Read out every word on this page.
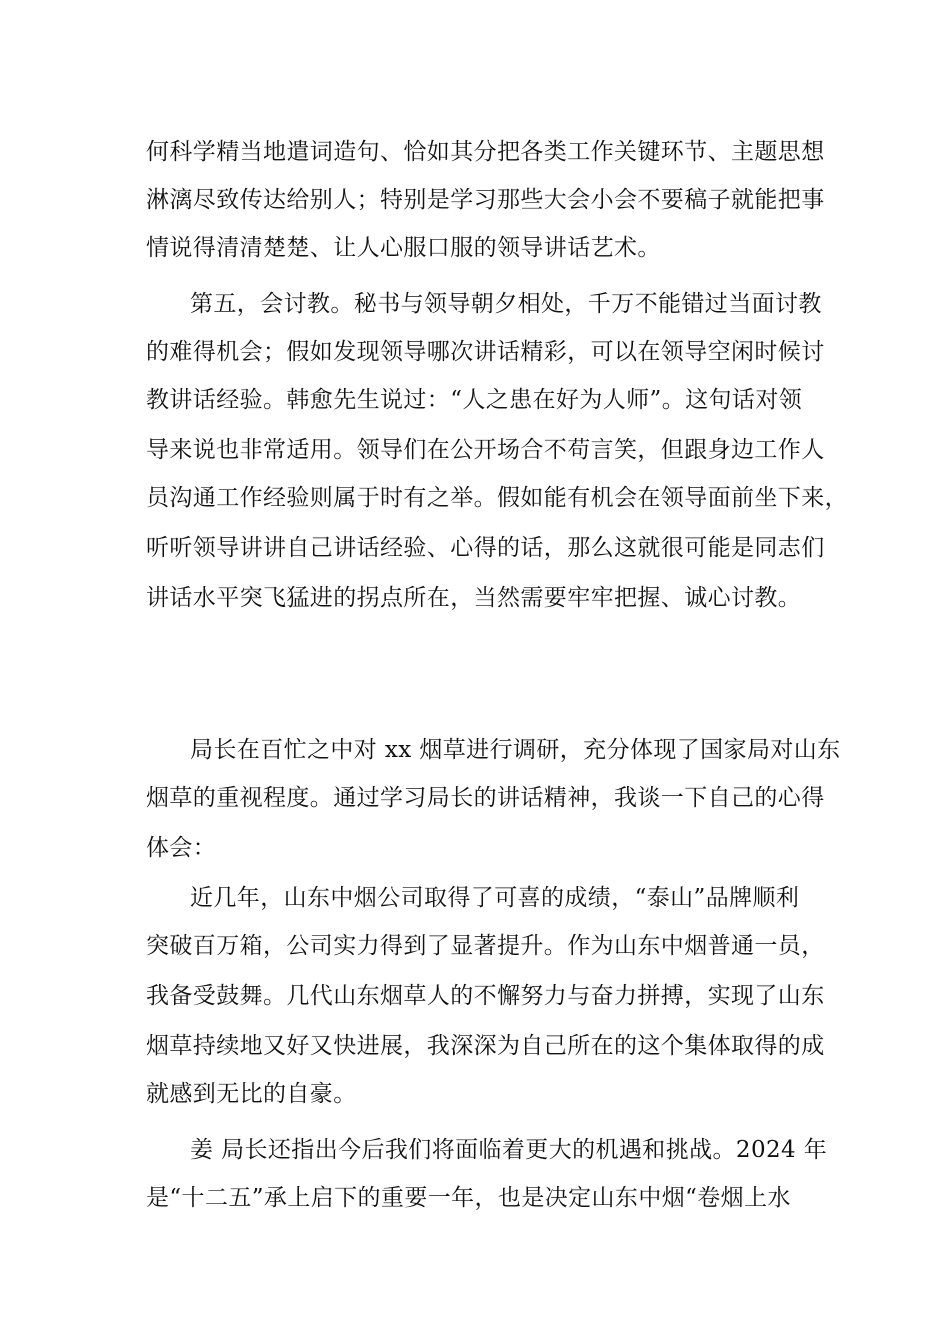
何科学精当地遣词造句、恰如其分把各类工作关键环节、主题思想
淋漓尽致传达给别人；特别是学习那些大会小会不要稿子就能把事
情说得清清楚楚、让人心服口服的领导讲话艺术。
第五，会讨教。秘书与领导朝夕相处，千万不能错过当面讨教
的难得机会；假如发现领导哪次讲话精彩，可以在领导空闲时候讨
教讲话经验。韩愈先生说过：“人之患在好为人师”。这句话对领
导来说也非常适用。领导们在公开场合不苟言笑，但跟身边工作人
员沟通工作经验则属于时有之举。假如能有机会在领导面前坐下来，
听听领导讲讲自己讲话经验、心得的话，那么这就很可能是同志们
讲话水平突飞猛进的拐点所在，当然需要牢牢把握、诚心讨教。
局长在百忙之中对 xx 烟草进行调研，充分体现了国家局对山东
烟草的重视程度。通过学习局长的讲话精神，我谈一下自己的心得
体会：
近几年，山东中烟公司取得了可喜的成绩，“泰山”品牌顺利
突破百万箱，公司实力得到了显著提升。作为山东中烟普通一员，
我备受鼓舞。几代山东烟草人的不懈努力与奋力拼搏，实现了山东
烟草持续地又好又快进展，我深深为自己所在的这个集体取得的成
就感到无比的自豪。
姜 局长还指出今后我们将面临着更大的机遇和挑战。2024 年
是“十二五”承上启下的重要一年，也是决定山东中烟“卷烟上水
